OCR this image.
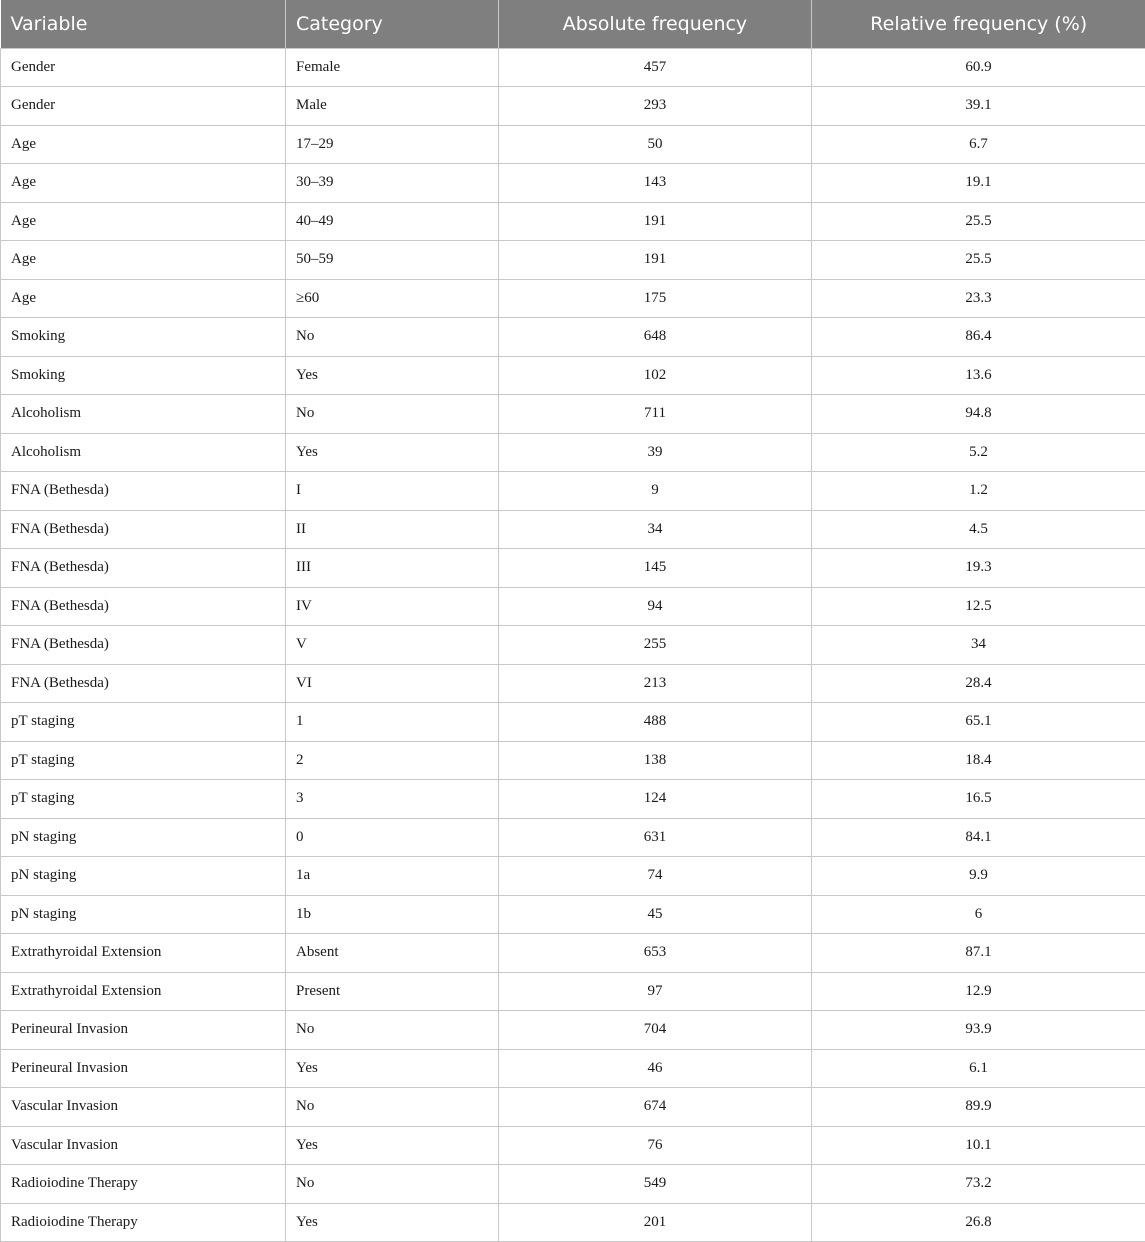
Variable	Category	Absolute frequency	Relative frequency (%)
Gender	Female	457	60.9
Gender	Male	293	39.1
Age	17–29	50	6.7
Age	30–39	143	19.1
Age	40–49	191	25.5
Age	50–59	191	25.5
Age	≥60	175	23.3
Smoking	No	648	86.4
Smoking	Yes	102	13.6
Alcoholism	No	711	94.8
Alcoholism	Yes	39	5.2
FNA (Bethesda)	I	9	1.2
FNA (Bethesda)	II	34	4.5
FNA (Bethesda)	III	145	19.3
FNA (Bethesda)	IV	94	12.5
FNA (Bethesda)	V	255	34
FNA (Bethesda)	VI	213	28.4
pT staging	1	488	65.1
pT staging	2	138	18.4
pT staging	3	124	16.5
pN staging	0	631	84.1
pN staging	1a	74	9.9
pN staging	1b	45	6
Extrathyroidal Extension	Absent	653	87.1
Extrathyroidal Extension	Present	97	12.9
Perineural Invasion	No	704	93.9
Perineural Invasion	Yes	46	6.1
Vascular Invasion	No	674	89.9
Vascular Invasion	Yes	76	10.1
Radioiodine Therapy	No	549	73.2
Radioiodine Therapy	Yes	201	26.8
